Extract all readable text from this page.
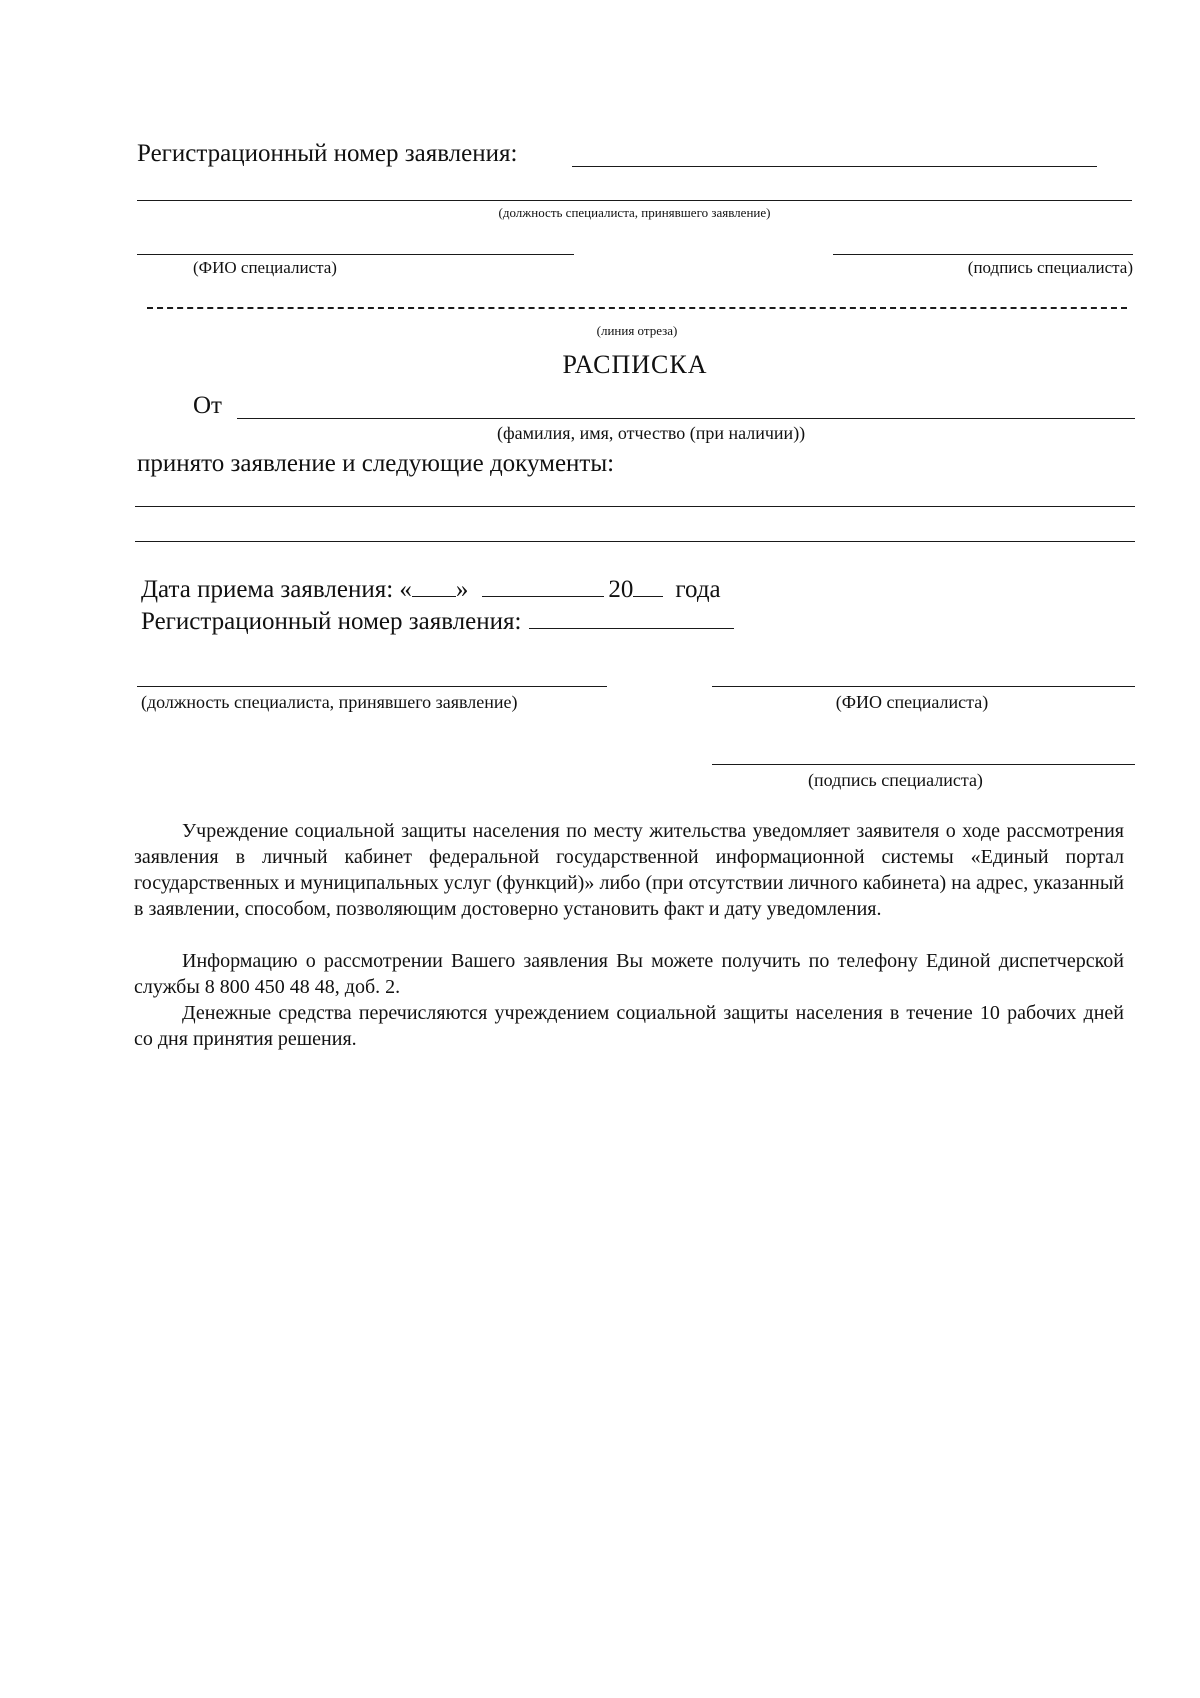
Регистрационный номер заявления:
(должность специалиста, принявшего заявление)
(ФИО специалиста)	(подпись специалиста)
(линия отреза)
РАСПИСКА
От
(фамилия, имя, отчество (при наличии))
принято заявление и следующие документы:
Дата приема заявления: « »	20 года
Регистрационный номер заявления:
(должность специалиста, принявшего заявление)	(ФИО специалиста)
(подпись специалиста)
Учреждение социальной защиты населения по месту жительства уведомляет заявителя о ходе рассмотрения заявления в личный кабинет федеральной государственной информационной системы «Единый портал государственных и муниципальных услуг (функций)» либо (при отсутствии личного кабинета) на адрес, указанный в заявлении, способом, позволяющим достоверно установить факт и дату уведомления.
Информацию о рассмотрении Вашего заявления Вы можете получить по телефону Единой диспетчерской службы 8 800 450 48 48, доб. 2.
Денежные средства перечисляются учреждением социальной защиты населения в течение 10 рабочих дней со дня принятия решения.
